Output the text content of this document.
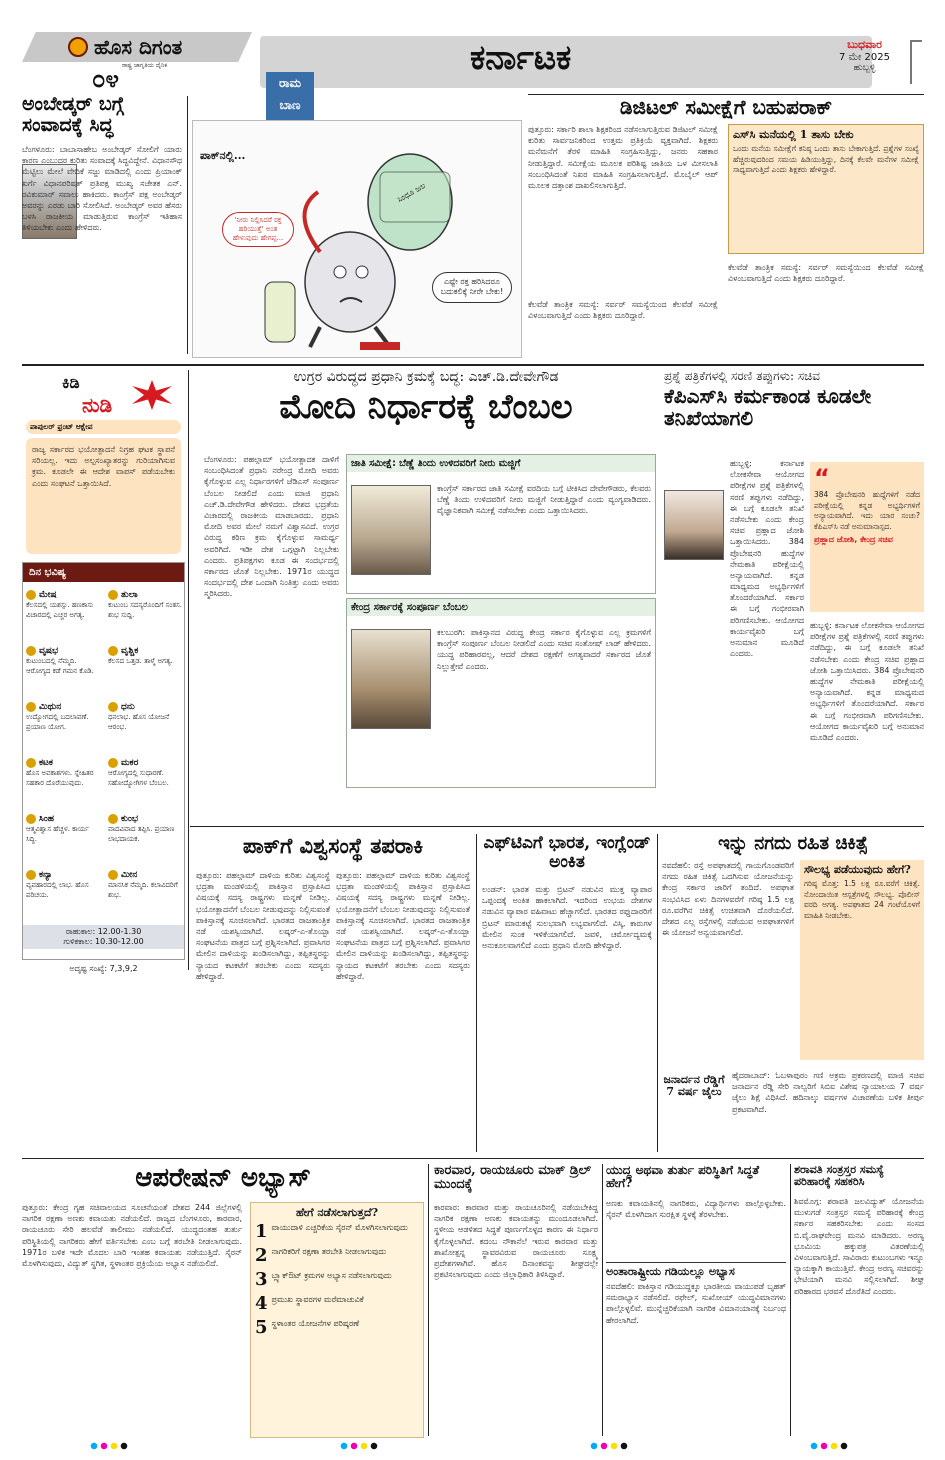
ಹೊಸ ದಿಗಂತ
ರಾಷ್ಟ್ರ ಜಾಗೃತಿಯ ದೈನಿಕ
೦೪
ಕರ್ನಾಟಕ	ಬುಧವಾರ
7 ಮೇ 2025
ಹುಬ್ಬಳ್ಳಿ
ಅಂಬೇಡ್ಕರ್ ಬಗ್ಗೆ ಸಂವಾದಕ್ಕೆ ಸಿದ್ಧ
ಬೆಂಗಳೂರು: ಬಾಬಾಸಾಹೇಬ ಅಂಬೇಡ್ಕರ್ ಸೋಲಿಗೆ ಯಾರು ಕಾರಣ ಎಂಬುದರ ಕುರಿತು ಸಂವಾದಕ್ಕೆ ಸಿದ್ಧವಿದ್ದೇನೆ. ವಿಧಾನಸೌಧ ಮೆಟ್ಟಿಲು ಮೇಲೆ ವೇದಿಕೆ ಸಜ್ಜು ಮಾಡಿದಲ್ಲಿ ಎಂದು ಪ್ರಿಯಾಂಕ್ ಖರ್ಗೆ ವಿಧಾನಪರಿಷತ್ ಪ್ರತಿಪಕ್ಷ ಮುಖ್ಯ ಸಚೇತಕ ಎನ್. ರವಿಕುಮಾರ್ ಸವಾಲು ಹಾಕಿದರು. ಕಾಂಗ್ರೆಸ್ ಪಕ್ಷ ಅಂಬೇಡ್ಕರ್ ಅವರನ್ನು ಎರಡು ಬಾರಿ ಸೋಲಿಸಿದೆ. ಅಂಬೇಡ್ಕರ್ ಅವರ ಹೆಸರು ಬಳಸಿ ರಾಜಕೀಯ ಮಾಡುತ್ತಿರುವ ಕಾಂಗ್ರೆಸ್ ಇತಿಹಾಸ ತಿಳಿಯಬೇಕು ಎಂದು ಹೇಳಿದರು.
ರಾಮ
ಬಾಣ
ಪಾಕ್‌ನಲ್ಲಿ...
'ನೀರು ನಿಲ್ಲಿಸಿದರೆ ರಕ್ತ ಹರಿಯುತ್ತೆ' ಅಂತ ಹೇಳುವುದು ಹೇಗಪ್ಪ...
ಎಷ್ಟೇ ರಕ್ತ ಹರಿಸಿದರೂ ಬದುಕಲಿಕ್ಕೆ ನೀರೇ ಬೇಕು!
ಸಿಂಧೂ ಜಲ
ಡಿಜಿಟಲ್ ಸಮೀಕ್ಷೆಗೆ ಬಹುಪರಾಕ್
ಪುತ್ತೂರು: ಸರ್ಕಾರಿ ಶಾಲಾ ಶಿಕ್ಷಕರಿಂದ ನಡೆಸಲಾಗುತ್ತಿರುವ ಡಿಜಿಟಲ್ ಸಮೀಕ್ಷೆ ಕುರಿತು ಸಾರ್ವಜನಿಕರಿಂದ ಉತ್ತಮ ಪ್ರತಿಕ್ರಿಯೆ ವ್ಯಕ್ತವಾಗಿದೆ. ಶಿಕ್ಷಕರು ಮನೆಮನೆಗೆ ತೆರಳಿ ಮಾಹಿತಿ ಸಂಗ್ರಹಿಸುತ್ತಿದ್ದು, ಜನರು ಸಹಕಾರ ನೀಡುತ್ತಿದ್ದಾರೆ. ಸಮೀಕ್ಷೆಯ ಮೂಲಕ ಪರಿಶಿಷ್ಟ ಜಾತಿಯ ಒಳ ಮೀಸಲಾತಿ ಸಂಬಂಧಿಸಿದಂತೆ ನಿಖರ ಮಾಹಿತಿ ಸಂಗ್ರಹಿಸಲಾಗುತ್ತಿದೆ. ಮೊಬೈಲ್ ಆಪ್ ಮೂಲಕ ದತ್ತಾಂಶ ದಾಖಲಿಸಲಾಗುತ್ತಿದೆ.
ಕೆಲವೆಡೆ ತಾಂತ್ರಿಕ ಸಮಸ್ಯೆ: ಸರ್ವರ್ ಸಮಸ್ಯೆಯಿಂದ ಕೆಲವೆಡೆ ಸಮೀಕ್ಷೆ ವಿಳಂಬವಾಗುತ್ತಿದೆ ಎಂದು ಶಿಕ್ಷಕರು ದೂರಿದ್ದಾರೆ.
ಎಸ್‌ಸಿ ಮನೆಯಲ್ಲಿ 1 ತಾಸು ಬೇಕು
ಒಂದು ಮನೆಯ ಸಮೀಕ್ಷೆಗೆ ಕನಿಷ್ಠ ಒಂದು ತಾಸು ಬೇಕಾಗುತ್ತಿದೆ. ಪ್ರಶ್ನೆಗಳ ಸಂಖ್ಯೆ ಹೆಚ್ಚಿರುವುದರಿಂದ ಸಮಯ ಹಿಡಿಯುತ್ತಿದ್ದು, ದಿನಕ್ಕೆ ಕೆಲವೇ ಮನೆಗಳ ಸಮೀಕ್ಷೆ ಸಾಧ್ಯವಾಗುತ್ತಿದೆ ಎಂದು ಶಿಕ್ಷಕರು ಹೇಳಿದ್ದಾರೆ.
ಕೆಲವೆಡೆ ತಾಂತ್ರಿಕ ಸಮಸ್ಯೆ: ಸರ್ವರ್ ಸಮಸ್ಯೆಯಿಂದ ಕೆಲವೆಡೆ ಸಮೀಕ್ಷೆ ವಿಳಂಬವಾಗುತ್ತಿದೆ ಎಂದು ಶಿಕ್ಷಕರು ದೂರಿದ್ದಾರೆ.
ಕಿಡಿ
ನುಡಿ
ಪಾಪುಲರ್ ಫ್ರಂಟ್ ಆಕ್ಷೇಪ
ರಾಜ್ಯ ಸರ್ಕಾರದ ಭಯೋತ್ಪಾದನೆ ನಿಗ್ರಹ ಘಟಕ ಸ್ಥಾಪನೆ ಸರಿಯಲ್ಲ. ಇದು ಅಲ್ಪಸಂಖ್ಯಾತರನ್ನು ಗುರಿಯಾಗಿಸುವ ಕ್ರಮ. ಕೂಡಲೇ ಈ ಆದೇಶ ವಾಪಸ್ ಪಡೆಯಬೇಕು ಎಂದು ಸಂಘಟನೆ ಒತ್ತಾಯಿಸಿದೆ.
ದಿನ ಭವಿಷ್ಯ
ಮೇಷ
ಕೆಲಸದಲ್ಲಿ ಯಶಸ್ಸು. ಹಣಕಾಸು ವಿಚಾರದಲ್ಲಿ ಎಚ್ಚರ ಅಗತ್ಯ.
ವೃಷಭ
ಕುಟುಂಬದಲ್ಲಿ ನೆಮ್ಮದಿ. ಆರೋಗ್ಯದ ಕಡೆ ಗಮನ ಕೊಡಿ.
ಮಿಥುನ
ಉದ್ಯೋಗದಲ್ಲಿ ಬದಲಾವಣೆ. ಪ್ರಯಾಣ ಯೋಗ.
ಕಟಕ
ಹೊಸ ಅವಕಾಶಗಳು. ಸ್ನೇಹಿತರ ಸಹಕಾರ ದೊರೆಯುವುದು.
ಸಿಂಹ
ಆತ್ಮವಿಶ್ವಾಸ ಹೆಚ್ಚಳ. ಕಾರ್ಯ ಸಿದ್ಧಿ.
ಕನ್ಯಾ
ವ್ಯವಹಾರದಲ್ಲಿ ಲಾಭ. ಹೊಸ ಪರಿಚಯ.
ತುಲಾ
ಕುಟುಂಬ ಸದಸ್ಯರೊಂದಿಗೆ ಸಂತಸ. ಶುಭ ಸುದ್ದಿ.
ವೃಶ್ಚಿಕ
ಕೆಲಸದ ಒತ್ತಡ. ತಾಳ್ಮೆ ಅಗತ್ಯ.
ಧನು
ಧನಲಾಭ. ಹೊಸ ಯೋಜನೆ ಆರಂಭ.
ಮಕರ
ಆರೋಗ್ಯದಲ್ಲಿ ಸುಧಾರಣೆ. ಸಹೋದ್ಯೋಗಿಗಳ ಬೆಂಬಲ.
ಕುಂಭ
ವಾದವಿವಾದ ತಪ್ಪಿಸಿ. ಪ್ರಯಾಣ ಲಾಭದಾಯಕ.
ಮೀನ
ಮಾನಸಿಕ ನೆಮ್ಮದಿ. ಕಲಾವಿದರಿಗೆ ಶುಭ.
ರಾಹುಕಾಲ: 12.00-1.30
ಗುಳಿಕಕಾಲ: 10.30-12.00
ಅದೃಷ್ಟ ಸಂಖ್ಯೆ: 7,3,9,2
ಉಗ್ರರ ವಿರುದ್ಧದ ಪ್ರಧಾನಿ ಕ್ರಮಕ್ಕೆ ಬದ್ಧ: ಎಚ್.ಡಿ.ದೇವೇಗೌಡ
ಮೋದಿ ನಿರ್ಧಾರಕ್ಕೆ ಬೆಂಬಲ
ಬೆಂಗಳೂರು: ಪಹಲ್ಗಾಮ್ ಭಯೋತ್ಪಾದಕ ದಾಳಿಗೆ ಸಂಬಂಧಿಸಿದಂತೆ ಪ್ರಧಾನಿ ನರೇಂದ್ರ ಮೋದಿ ಅವರು ಕೈಗೊಳ್ಳುವ ಎಲ್ಲ ನಿರ್ಧಾರಗಳಿಗೆ ಜೆಡಿಎಸ್ ಸಂಪೂರ್ಣ ಬೆಂಬಲ ನೀಡಲಿದೆ ಎಂದು ಮಾಜಿ ಪ್ರಧಾನಿ ಎಚ್.ಡಿ.ದೇವೇಗೌಡ ಹೇಳಿದರು. ದೇಶದ ಭದ್ರತೆಯ ವಿಚಾರದಲ್ಲಿ ರಾಜಕೀಯ ಮಾಡಬಾರದು. ಪ್ರಧಾನಿ ಮೋದಿ ಅವರ ಮೇಲೆ ನಮಗೆ ವಿಶ್ವಾಸವಿದೆ. ಉಗ್ರರ ವಿರುದ್ಧ ಕಠಿಣ ಕ್ರಮ ಕೈಗೊಳ್ಳುವ ಸಾಮರ್ಥ್ಯ ಅವರಿಗಿದೆ. ಇಡೀ ದೇಶ ಒಗ್ಗಟ್ಟಾಗಿ ನಿಲ್ಲಬೇಕು ಎಂದರು. ಪ್ರತಿಪಕ್ಷಗಳು ಕೂಡ ಈ ಸಂದರ್ಭದಲ್ಲಿ ಸರ್ಕಾರದ ಜೊತೆ ನಿಲ್ಲಬೇಕು. 1971ರ ಯುದ್ಧದ ಸಂದರ್ಭದಲ್ಲಿ ದೇಶ ಒಂದಾಗಿ ನಿಂತಿತ್ತು ಎಂದು ಅವರು ಸ್ಮರಿಸಿದರು.
ಜಾತಿ ಸಮೀಕ್ಷೆ: ಬೆಣ್ಣೆ ತಿಂದು ಉಳಿದವರಿಗೆ ನೀರು ಮಜ್ಜಿಗೆ
ಕಾಂಗ್ರೆಸ್ ಸರ್ಕಾರದ ಜಾತಿ ಸಮೀಕ್ಷೆ ವರದಿಯ ಬಗ್ಗೆ ಟೀಕಿಸಿದ ದೇವೇಗೌಡರು, ಕೆಲವರು ಬೆಣ್ಣೆ ತಿಂದು ಉಳಿದವರಿಗೆ ನೀರು ಮಜ್ಜಿಗೆ ನೀಡುತ್ತಿದ್ದಾರೆ ಎಂದು ವ್ಯಂಗ್ಯವಾಡಿದರು. ವೈಜ್ಞಾನಿಕವಾಗಿ ಸಮೀಕ್ಷೆ ನಡೆಸಬೇಕು ಎಂದು ಒತ್ತಾಯಿಸಿದರು.
ಕೇಂದ್ರ ಸರ್ಕಾರಕ್ಕೆ ಸಂಪೂರ್ಣ ಬೆಂಬಲ
ಕಲಬುರಗಿ: ಪಾಕಿಸ್ತಾನದ ವಿರುದ್ಧ ಕೇಂದ್ರ ಸರ್ಕಾರ ಕೈಗೊಳ್ಳುವ ಎಲ್ಲ ಕ್ರಮಗಳಿಗೆ ಕಾಂಗ್ರೆಸ್ ಸಂಪೂರ್ಣ ಬೆಂಬಲ ನೀಡಲಿದೆ ಎಂದು ಸಚಿವ ಸಂತೋಷ್ ಲಾಡ್ ಹೇಳಿದರು. ಯುದ್ಧ ಪರಿಹಾರವಲ್ಲ, ಆದರೆ ದೇಶದ ರಕ್ಷಣೆಗೆ ಅಗತ್ಯವಾದರೆ ಸರ್ಕಾರದ ಜೊತೆ ನಿಲ್ಲುತ್ತೇವೆ ಎಂದರು.
ಪ್ರಶ್ನೆ ಪತ್ರಿಕೆಗಳಲ್ಲಿ ಸರಣಿ ತಪ್ಪುಗಳು: ಸಚಿವ
ಕೆಪಿಎಸ್‌ಸಿ ಕರ್ಮಕಾಂಡ ಕೂಡಲೇ ತನಿಖೆಯಾಗಲಿ
ಹುಬ್ಬಳ್ಳಿ: ಕರ್ನಾಟಕ ಲೋಕಸೇವಾ ಆಯೋಗದ ಪರೀಕ್ಷೆಗಳ ಪ್ರಶ್ನೆ ಪತ್ರಿಕೆಗಳಲ್ಲಿ ಸರಣಿ ತಪ್ಪುಗಳು ನಡೆದಿದ್ದು, ಈ ಬಗ್ಗೆ ಕೂಡಲೇ ತನಿಖೆ ನಡೆಸಬೇಕು ಎಂದು ಕೇಂದ್ರ ಸಚಿವ ಪ್ರಹ್ಲಾದ ಜೋಶಿ ಒತ್ತಾಯಿಸಿದರು. 384 ಪ್ರೊಬೇಷನರಿ ಹುದ್ದೆಗಳ ನೇಮಕಾತಿ ಪರೀಕ್ಷೆಯಲ್ಲಿ ಅನ್ಯಾಯವಾಗಿದೆ. ಕನ್ನಡ ಮಾಧ್ಯಮದ ಅಭ್ಯರ್ಥಿಗಳಿಗೆ ತೊಂದರೆಯಾಗಿದೆ. ಸರ್ಕಾರ ಈ ಬಗ್ಗೆ ಗಂಭೀರವಾಗಿ ಪರಿಗಣಿಸಬೇಕು. ಆಯೋಗದ ಕಾರ್ಯವೈಖರಿ ಬಗ್ಗೆ ಅನುಮಾನ ಮೂಡಿದೆ ಎಂದರು.
“
384 ಪ್ರೊಬೇಷನರಿ ಹುದ್ದೆಗಳಿಗೆ ನಡೆದ ಪರೀಕ್ಷೆಯಲ್ಲಿ ಕನ್ನಡ ಅಭ್ಯರ್ಥಿಗಳಿಗೆ ಅನ್ಯಾಯವಾಗಿದೆ. ಇದು ಯಾರ ಸಂಚು? ಕೆಪಿಎಸ್‌ಸಿ ನಡೆ ಅನುಮಾನಾಸ್ಪದ.
ಪ್ರಹ್ಲಾದ ಜೋಶಿ, ಕೇಂದ್ರ ಸಚಿವ
ಹುಬ್ಬಳ್ಳಿ: ಕರ್ನಾಟಕ ಲೋಕಸೇವಾ ಆಯೋಗದ ಪರೀಕ್ಷೆಗಳ ಪ್ರಶ್ನೆ ಪತ್ರಿಕೆಗಳಲ್ಲಿ ಸರಣಿ ತಪ್ಪುಗಳು ನಡೆದಿದ್ದು, ಈ ಬಗ್ಗೆ ಕೂಡಲೇ ತನಿಖೆ ನಡೆಸಬೇಕು ಎಂದು ಕೇಂದ್ರ ಸಚಿವ ಪ್ರಹ್ಲಾದ ಜೋಶಿ ಒತ್ತಾಯಿಸಿದರು. 384 ಪ್ರೊಬೇಷನರಿ ಹುದ್ದೆಗಳ ನೇಮಕಾತಿ ಪರೀಕ್ಷೆಯಲ್ಲಿ ಅನ್ಯಾಯವಾಗಿದೆ. ಕನ್ನಡ ಮಾಧ್ಯಮದ ಅಭ್ಯರ್ಥಿಗಳಿಗೆ ತೊಂದರೆಯಾಗಿದೆ. ಸರ್ಕಾರ ಈ ಬಗ್ಗೆ ಗಂಭೀರವಾಗಿ ಪರಿಗಣಿಸಬೇಕು. ಆಯೋಗದ ಕಾರ್ಯವೈಖರಿ ಬಗ್ಗೆ ಅನುಮಾನ ಮೂಡಿದೆ ಎಂದರು.
ಪಾಕ್‌ಗೆ ವಿಶ್ವಸಂಸ್ಥೆ ತಪರಾಕಿ
ಪುತ್ತೂರು: ಪಹಲ್ಗಾಮ್ ದಾಳಿಯ ಕುರಿತು ವಿಶ್ವಸಂಸ್ಥೆ ಭದ್ರತಾ ಮಂಡಳಿಯಲ್ಲಿ ಪಾಕಿಸ್ತಾನ ಪ್ರಸ್ತಾಪಿಸಿದ ವಿಷಯಕ್ಕೆ ಸದಸ್ಯ ರಾಷ್ಟ್ರಗಳು ಮನ್ನಣೆ ನೀಡಿಲ್ಲ. ಭಯೋತ್ಪಾದನೆಗೆ ಬೆಂಬಲ ನೀಡುವುದನ್ನು ನಿಲ್ಲಿಸುವಂತೆ ಪಾಕಿಸ್ತಾನಕ್ಕೆ ಸೂಚಿಸಲಾಗಿದೆ. ಭಾರತದ ರಾಜತಾಂತ್ರಿಕ ನಡೆ ಯಶಸ್ವಿಯಾಗಿದೆ. ಲಷ್ಕರ್-ಎ-ತೊಯ್ಬಾ ಸಂಘಟನೆಯ ಪಾತ್ರದ ಬಗ್ಗೆ ಪ್ರಶ್ನಿಸಲಾಗಿದೆ. ಪ್ರವಾಸಿಗರ ಮೇಲಿನ ದಾಳಿಯನ್ನು ಖಂಡಿಸಲಾಗಿದ್ದು, ತಪ್ಪಿತಸ್ಥರನ್ನು ನ್ಯಾಯದ ಕಟಕಟೆಗೆ ತರಬೇಕು ಎಂದು ಸದಸ್ಯರು ಹೇಳಿದ್ದಾರೆ.
ಪುತ್ತೂರು: ಪಹಲ್ಗಾಮ್ ದಾಳಿಯ ಕುರಿತು ವಿಶ್ವಸಂಸ್ಥೆ ಭದ್ರತಾ ಮಂಡಳಿಯಲ್ಲಿ ಪಾಕಿಸ್ತಾನ ಪ್ರಸ್ತಾಪಿಸಿದ ವಿಷಯಕ್ಕೆ ಸದಸ್ಯ ರಾಷ್ಟ್ರಗಳು ಮನ್ನಣೆ ನೀಡಿಲ್ಲ. ಭಯೋತ್ಪಾದನೆಗೆ ಬೆಂಬಲ ನೀಡುವುದನ್ನು ನಿಲ್ಲಿಸುವಂತೆ ಪಾಕಿಸ್ತಾನಕ್ಕೆ ಸೂಚಿಸಲಾಗಿದೆ. ಭಾರತದ ರಾಜತಾಂತ್ರಿಕ ನಡೆ ಯಶಸ್ವಿಯಾಗಿದೆ. ಲಷ್ಕರ್-ಎ-ತೊಯ್ಬಾ ಸಂಘಟನೆಯ ಪಾತ್ರದ ಬಗ್ಗೆ ಪ್ರಶ್ನಿಸಲಾಗಿದೆ. ಪ್ರವಾಸಿಗರ ಮೇಲಿನ ದಾಳಿಯನ್ನು ಖಂಡಿಸಲಾಗಿದ್ದು, ತಪ್ಪಿತಸ್ಥರನ್ನು ನ್ಯಾಯದ ಕಟಕಟೆಗೆ ತರಬೇಕು ಎಂದು ಸದಸ್ಯರು ಹೇಳಿದ್ದಾರೆ.
ಎಫ್‌ಟಿಎಗೆ ಭಾರತ, ಇಂಗ್ಲೆಂಡ್ ಅಂಕಿತ
ಲಂಡನ್: ಭಾರತ ಮತ್ತು ಬ್ರಿಟನ್ ನಡುವಿನ ಮುಕ್ತ ವ್ಯಾಪಾರ ಒಪ್ಪಂದಕ್ಕೆ ಅಂಕಿತ ಹಾಕಲಾಗಿದೆ. ಇದರಿಂದ ಉಭಯ ದೇಶಗಳ ನಡುವಿನ ವ್ಯಾಪಾರ ವಹಿವಾಟು ಹೆಚ್ಚಾಗಲಿದೆ. ಭಾರತದ ರಫ್ತುದಾರರಿಗೆ ಬ್ರಿಟನ್ ಮಾರುಕಟ್ಟೆ ಸುಲಭವಾಗಿ ಲಭ್ಯವಾಗಲಿದೆ. ವಿಸ್ಕಿ, ಕಾರುಗಳ ಮೇಲಿನ ಸುಂಕ ಇಳಿಕೆಯಾಗಲಿದೆ. ಜವಳಿ, ಚರ್ಮೋದ್ಯಮಕ್ಕೆ ಅನುಕೂಲವಾಗಲಿದೆ ಎಂದು ಪ್ರಧಾನಿ ಮೋದಿ ಹೇಳಿದ್ದಾರೆ.
ಇನ್ನು ನಗದು ರಹಿತ ಚಿಕಿತ್ಸೆ
ನವದೆಹಲಿ: ರಸ್ತೆ ಅಪಘಾತದಲ್ಲಿ ಗಾಯಗೊಂಡವರಿಗೆ ನಗದು ರಹಿತ ಚಿಕಿತ್ಸೆ ಒದಗಿಸುವ ಯೋಜನೆಯನ್ನು ಕೇಂದ್ರ ಸರ್ಕಾರ ಜಾರಿಗೆ ತಂದಿದೆ. ಅಪಘಾತ ಸಂಭವಿಸಿದ ಏಳು ದಿನಗಳವರೆಗೆ ಗರಿಷ್ಠ 1.5 ಲಕ್ಷ ರೂ.ವರೆಗಿನ ಚಿಕಿತ್ಸೆ ಉಚಿತವಾಗಿ ದೊರೆಯಲಿದೆ. ದೇಶದ ಎಲ್ಲ ರಸ್ತೆಗಳಲ್ಲಿ ನಡೆಯುವ ಅಪಘಾತಗಳಿಗೆ ಈ ಯೋಜನೆ ಅನ್ವಯವಾಗಲಿದೆ.
ಸೌಲಭ್ಯ ಪಡೆಯುವುದು ಹೇಗೆ?
ಗರಿಷ್ಠ ಮೊತ್ತ: 1.5 ಲಕ್ಷ ರೂ.ವರೆಗೆ ಚಿಕಿತ್ಸೆ. ನೋಂದಾಯಿತ ಆಸ್ಪತ್ರೆಗಳಲ್ಲಿ ಸೌಲಭ್ಯ. ಪೊಲೀಸ್ ವರದಿ ಅಗತ್ಯ. ಅಪಘಾತದ 24 ಗಂಟೆಯೊಳಗೆ ಮಾಹಿತಿ ನೀಡಬೇಕು.
ಜನಾರ್ದನ ರೆಡ್ಡಿಗೆ 7 ವರ್ಷ ಜೈಲು
ಹೈದರಾಬಾದ್: ಓಬಳಾಪುರಂ ಗಣಿ ಅಕ್ರಮ ಪ್ರಕರಣದಲ್ಲಿ ಮಾಜಿ ಸಚಿವ ಜನಾರ್ದನ ರೆಡ್ಡಿ ಸೇರಿ ನಾಲ್ವರಿಗೆ ಸಿಬಿಐ ವಿಶೇಷ ನ್ಯಾಯಾಲಯ 7 ವರ್ಷ ಜೈಲು ಶಿಕ್ಷೆ ವಿಧಿಸಿದೆ. ಹದಿನಾಲ್ಕು ವರ್ಷಗಳ ವಿಚಾರಣೆಯ ಬಳಿಕ ತೀರ್ಪು ಪ್ರಕಟವಾಗಿದೆ.
ಆಪರೇಷನ್ ಅಭ್ಯಾಸ್
ಪುತ್ತೂರು: ಕೇಂದ್ರ ಗೃಹ ಸಚಿವಾಲಯದ ಸೂಚನೆಯಂತೆ ದೇಶದ 244 ಜಿಲ್ಲೆಗಳಲ್ಲಿ ನಾಗರಿಕ ರಕ್ಷಣಾ ಅಣಕು ಕವಾಯತು ನಡೆಯಲಿದೆ. ರಾಜ್ಯದ ಬೆಂಗಳೂರು, ಕಾರವಾರ, ರಾಯಚೂರು ಸೇರಿ ಹಲವೆಡೆ ತಾಲೀಮು ನಡೆಯಲಿದೆ. ಯುದ್ಧದಂತಹ ತುರ್ತು ಪರಿಸ್ಥಿತಿಯಲ್ಲಿ ನಾಗರಿಕರು ಹೇಗೆ ವರ್ತಿಸಬೇಕು ಎಂಬ ಬಗ್ಗೆ ತರಬೇತಿ ನೀಡಲಾಗುವುದು. 1971ರ ಬಳಿಕ ಇದೇ ಮೊದಲ ಬಾರಿ ಇಂತಹ ಕವಾಯತು ನಡೆಯುತ್ತಿದೆ. ಸೈರನ್ ಮೊಳಗಿಸುವುದು, ವಿದ್ಯುತ್ ಸ್ಥಗಿತ, ಸ್ಥಳಾಂತರ ಪ್ರಕ್ರಿಯೆಯ ಅಭ್ಯಾಸ ನಡೆಯಲಿದೆ.
ಹೇಗೆ ನಡೆಸಲಾಗುತ್ತದೆ?
1 ವಾಯುದಾಳಿ ಎಚ್ಚರಿಕೆಯ ಸೈರನ್ ಮೊಳಗಿಸಲಾಗುವುದು
2 ನಾಗರಿಕರಿಗೆ ರಕ್ಷಣಾ ತರಬೇತಿ ನೀಡಲಾಗುವುದು
3 ಬ್ಲ್ಯಾಕ್‌ಔಟ್ ಕ್ರಮಗಳ ಅಭ್ಯಾಸ ನಡೆಸಲಾಗುವುದು
4 ಪ್ರಮುಖ ಸ್ಥಾವರಗಳ ಮರೆಮಾಚುವಿಕೆ
5 ಸ್ಥಳಾಂತರ ಯೋಜನೆಗಳ ಪರಿಷ್ಕರಣೆ
ಕಾರವಾರ, ರಾಯಚೂರು ಮಾಕ್ ಡ್ರಿಲ್ ಮುಂದಕ್ಕೆ
ಕಾರವಾರ: ಕಾರವಾರ ಮತ್ತು ರಾಯಚೂರಿನಲ್ಲಿ ನಡೆಯಬೇಕಿದ್ದ ನಾಗರಿಕ ರಕ್ಷಣಾ ಅಣಕು ಕವಾಯತನ್ನು ಮುಂದೂಡಲಾಗಿದೆ. ಸ್ಥಳೀಯ ಆಡಳಿತದ ಸಿದ್ಧತೆ ಪೂರ್ಣಗೊಳ್ಳದ ಕಾರಣ ಈ ನಿರ್ಧಾರ ಕೈಗೊಳ್ಳಲಾಗಿದೆ. ಕದಂಬ ನೌಕಾನೆಲೆ ಇರುವ ಕಾರವಾರ ಮತ್ತು ಶಾಖೋತ್ಪನ್ನ ಸ್ಥಾವರವಿರುವ ರಾಯಚೂರು ಸೂಕ್ಷ್ಮ ಪ್ರದೇಶಗಳಾಗಿವೆ. ಹೊಸ ದಿನಾಂಕವನ್ನು ಶೀಘ್ರದಲ್ಲೇ ಪ್ರಕಟಿಸಲಾಗುವುದು ಎಂದು ಜಿಲ್ಲಾಧಿಕಾರಿ ತಿಳಿಸಿದ್ದಾರೆ.
ಯುದ್ಧ ಅಥವಾ ತುರ್ತು ಪರಿಸ್ಥಿತಿಗೆ ಸಿದ್ಧತೆ ಹೇಗೆ?
ಅಣಕು ಕವಾಯತಿನಲ್ಲಿ ನಾಗರಿಕರು, ವಿದ್ಯಾರ್ಥಿಗಳು ಪಾಲ್ಗೊಳ್ಳಬೇಕು. ಸೈರನ್ ಮೊಳಗಿದಾಗ ಸುರಕ್ಷಿತ ಸ್ಥಳಕ್ಕೆ ತೆರಳಬೇಕು.
ಅಂತಾರಾಷ್ಟ್ರೀಯ ಗಡಿಯಲ್ಲೂ ಅಭ್ಯಾಸ
ನವದೆಹಲಿ: ಪಾಕಿಸ್ತಾನ ಗಡಿಯುದ್ದಕ್ಕೂ ಭಾರತೀಯ ವಾಯುಪಡೆ ಬೃಹತ್ ಸಮರಾಭ್ಯಾಸ ನಡೆಸಲಿದೆ. ರಫೇಲ್, ಸುಖೋಯ್ ಯುದ್ಧವಿಮಾನಗಳು ಪಾಲ್ಗೊಳ್ಳಲಿವೆ. ಮುನ್ನೆಚ್ಚರಿಕೆಯಾಗಿ ನಾಗರಿಕ ವಿಮಾನಯಾನಕ್ಕೆ ನಿರ್ಬಂಧ ಹೇರಲಾಗಿದೆ.
ಶರಾವತಿ ಸಂತ್ರಸ್ತರ ಸಮಸ್ಯೆ ಪರಿಹಾರಕ್ಕೆ ಸಹಕರಿಸಿ
ಶಿವಮೊಗ್ಗ: ಶರಾವತಿ ಜಲವಿದ್ಯುತ್ ಯೋಜನೆಯ ಮುಳುಗಡೆ ಸಂತ್ರಸ್ತರ ಸಮಸ್ಯೆ ಪರಿಹಾರಕ್ಕೆ ಕೇಂದ್ರ ಸರ್ಕಾರ ಸಹಕರಿಸಬೇಕು ಎಂದು ಸಂಸದ ಬಿ.ವೈ.ರಾಘವೇಂದ್ರ ಮನವಿ ಮಾಡಿದರು. ಅರಣ್ಯ ಭೂಮಿಯ ಹಕ್ಕುಪತ್ರ ವಿತರಣೆಯಲ್ಲಿ ವಿಳಂಬವಾಗುತ್ತಿದೆ. ಸಾವಿರಾರು ಕುಟುಂಬಗಳು ಇನ್ನೂ ನ್ಯಾಯಕ್ಕಾಗಿ ಕಾಯುತ್ತಿವೆ. ಕೇಂದ್ರ ಅರಣ್ಯ ಸಚಿವರನ್ನು ಭೇಟಿಯಾಗಿ ಮನವಿ ಸಲ್ಲಿಸಲಾಗಿದೆ. ಶೀಘ್ರ ಪರಿಹಾರದ ಭರವಸೆ ದೊರೆತಿದೆ ಎಂದರು.
